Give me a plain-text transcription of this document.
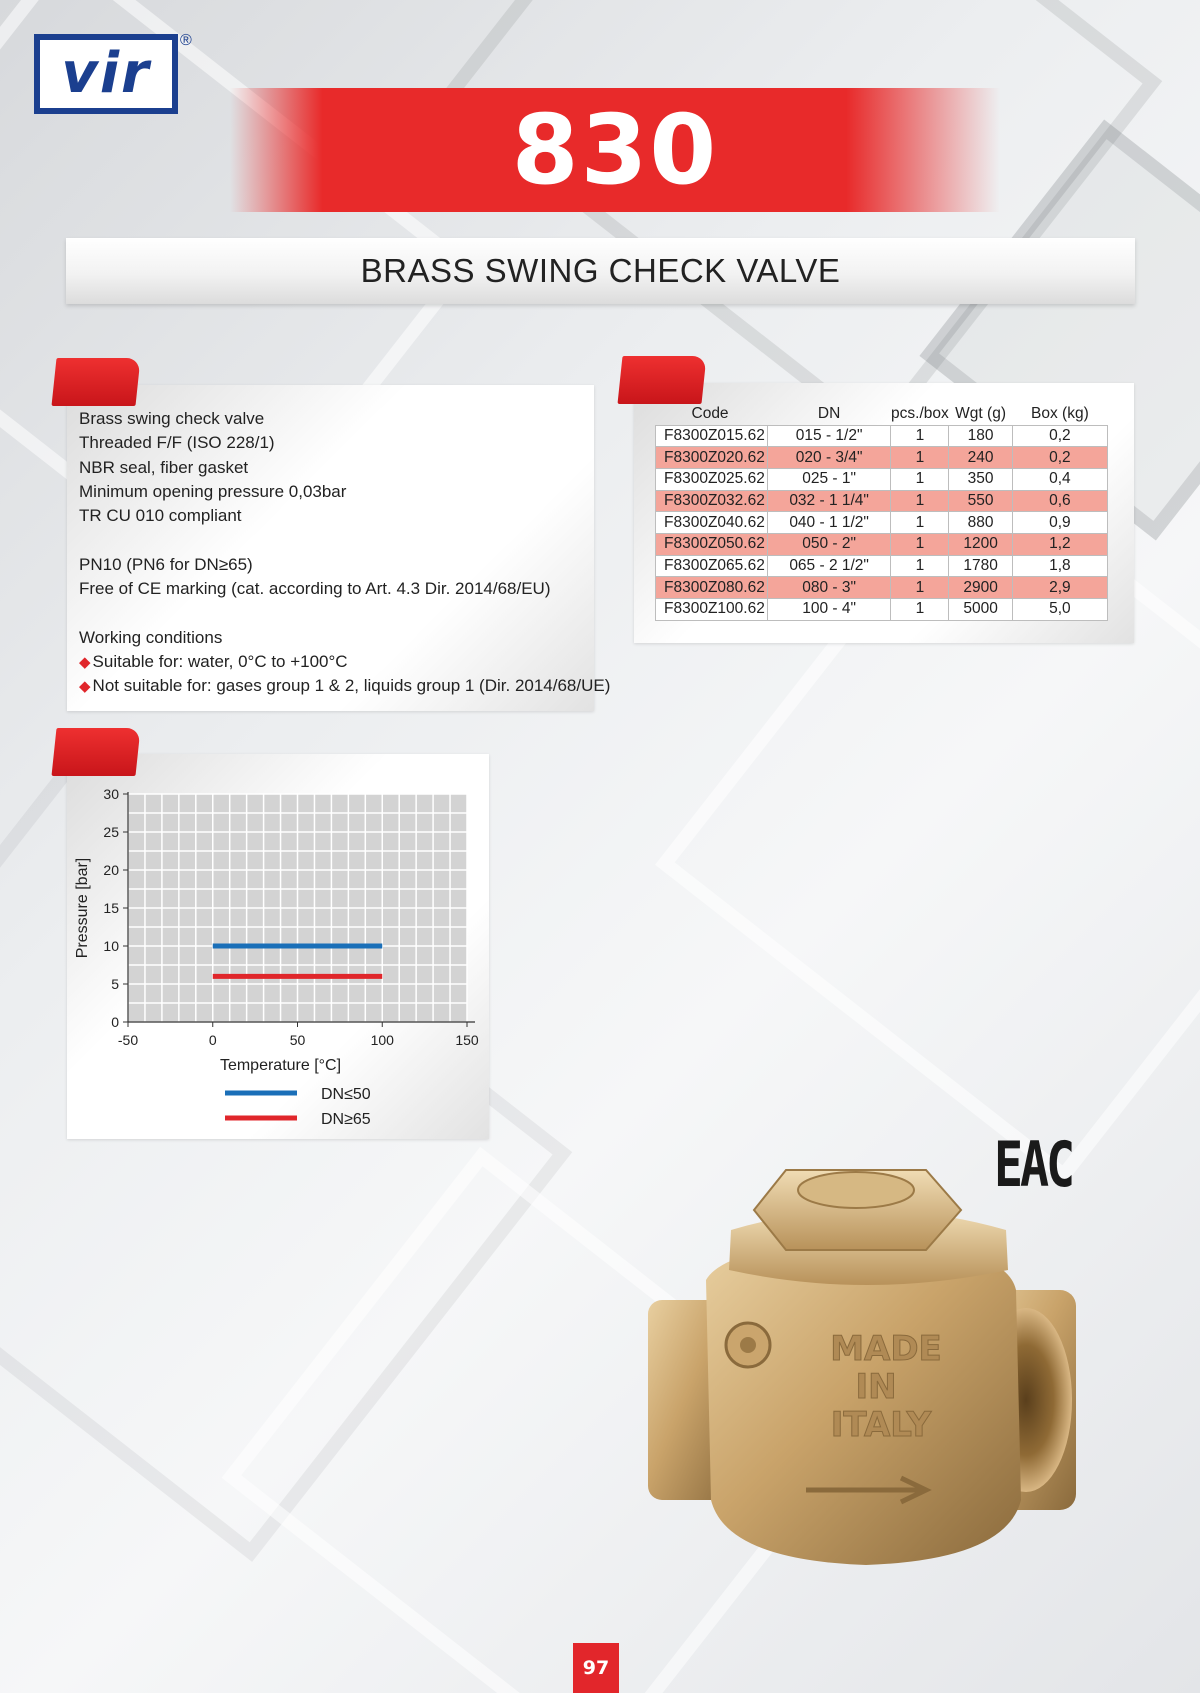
vir
®
830
BRASS SWING CHECK VALVE
Brass swing check valve
Threaded F/F (ISO 228/1)
NBR seal, fiber gasket
Minimum opening pressure 0,03bar
TR CU 010 compliant
PN10 (PN6 for DN≥65)
Free of CE marking (cat. according to Art. 4.3 Dir. 2014/68/EU)
Working conditions
◆ Suitable for: water, 0°C to +100°C
◆ Not suitable for: gases group 1 & 2, liquids group 1 (Dir. 2014/68/UE)
Code	DN	pcs./box	Wgt (g)	Box (kg)
F8300Z015.62	015 - 1/2"	1	180	0,2
F8300Z020.62	020 - 3/4"	1	240	0,2
F8300Z025.62	025 - 1"	1	350	0,4
F8300Z032.62	032 - 1 1/4"	1	550	0,6
F8300Z040.62	040 - 1 1/2"	1	880	0,9
F8300Z050.62	050 - 2"	1	1200	1,2
F8300Z065.62	065 - 2 1/2"	1	1780	1,8
F8300Z080.62	080 - 3"	1	2900	2,9
F8300Z100.62	100 - 4"	1	5000	5,0
-50	0	50	100	150
0
5
10
15
20
25
30
Temperature [°C]
Pressure [bar]
DN≤50
DN≥65
EAC
MADE
IN
ITALY
97
